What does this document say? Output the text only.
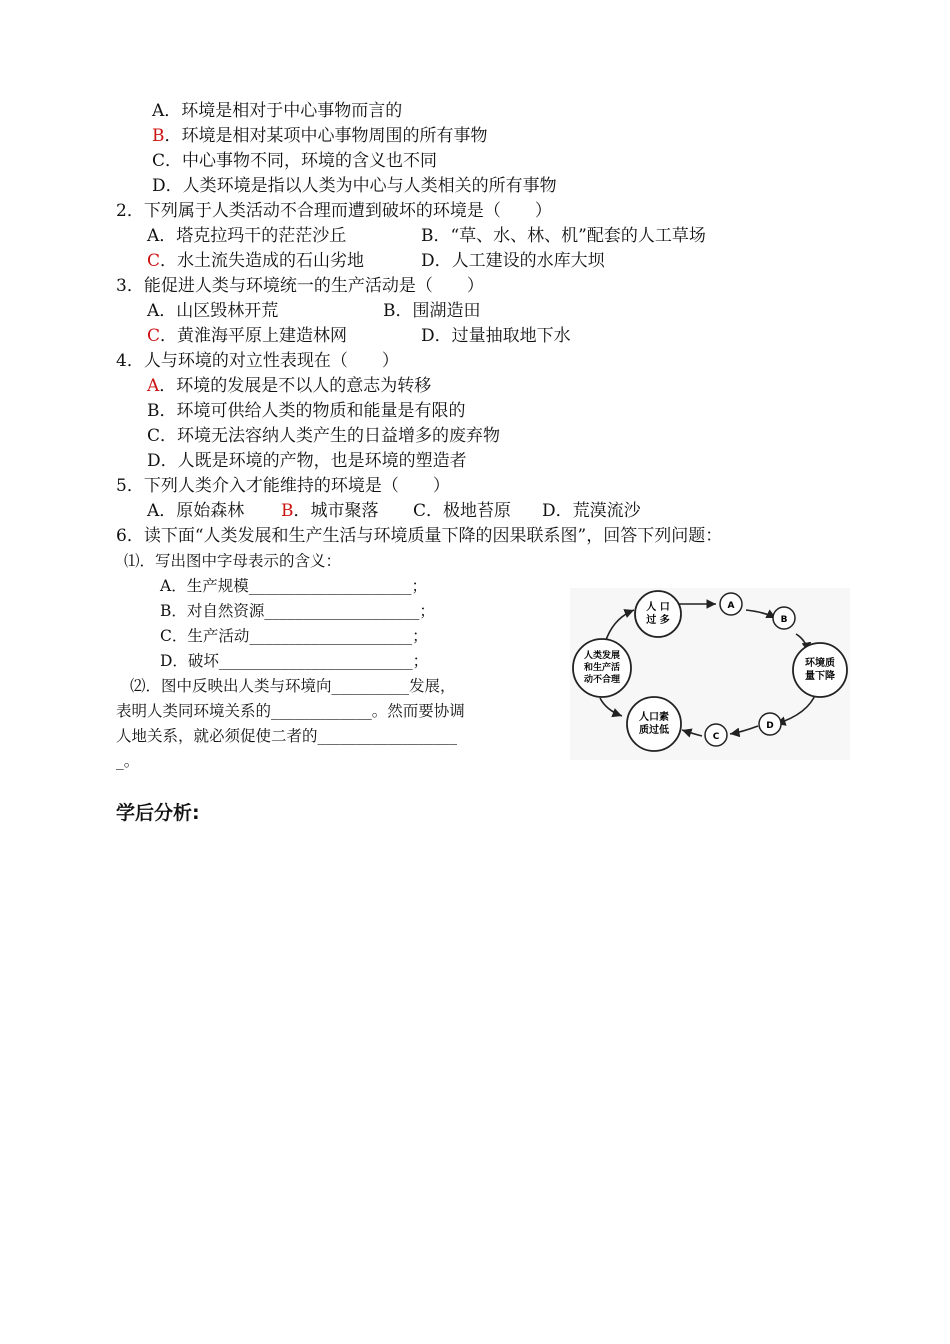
A．环境是相对于中心事物而言的
B．环境是相对某项中心事物周围的所有事物
C．中心事物不同，环境的含义也不同
D．人类环境是指以人类为中心与人类相关的所有事物
2．下列属于人类活动不合理而遭到破坏的环境是（　　）
A．塔克拉玛干的茫茫沙丘	B．“草、水、林、机”配套的人工草场
C．水土流失造成的石山劣地	D．人工建设的水库大坝
3．能促进人类与环境统一的生产活动是（　　）
A．山区毁林开荒	B．围湖造田
C．黄淮海平原上建造林网	D．过量抽取地下水
4．人与环境的对立性表现在（　　）
A．环境的发展是不以人的意志为转移
B．环境可供给人类的物质和能量是有限的
C．环境无法容纳人类产生的日益增多的废弃物
D．人既是环境的产物，也是环境的塑造者
5．下列人类介入才能维持的环境是（　　）
A．原始森林 B．城市聚落 C．极地苔原 D．荒漠流沙
6．读下面“人类发展和生产生活与环境质量下降的因果联系图”，回答下列问题：
⑴．写出图中字母表示的含义：
A．生产规模_____________________；
B．对自然资源____________________；
C．生产活动_____________________；
D．破坏_________________________；
⑵．图中反映出人类与环境向__________发展，
表明人类同环境关系的_____________。然而要协调
人地关系，就必须促使二者的__________________
_。
人 口
过 多
人类发展
和生产活
动不合理
人口素
质过低
环境质
量下降
A
B
C
D
学后分析:
